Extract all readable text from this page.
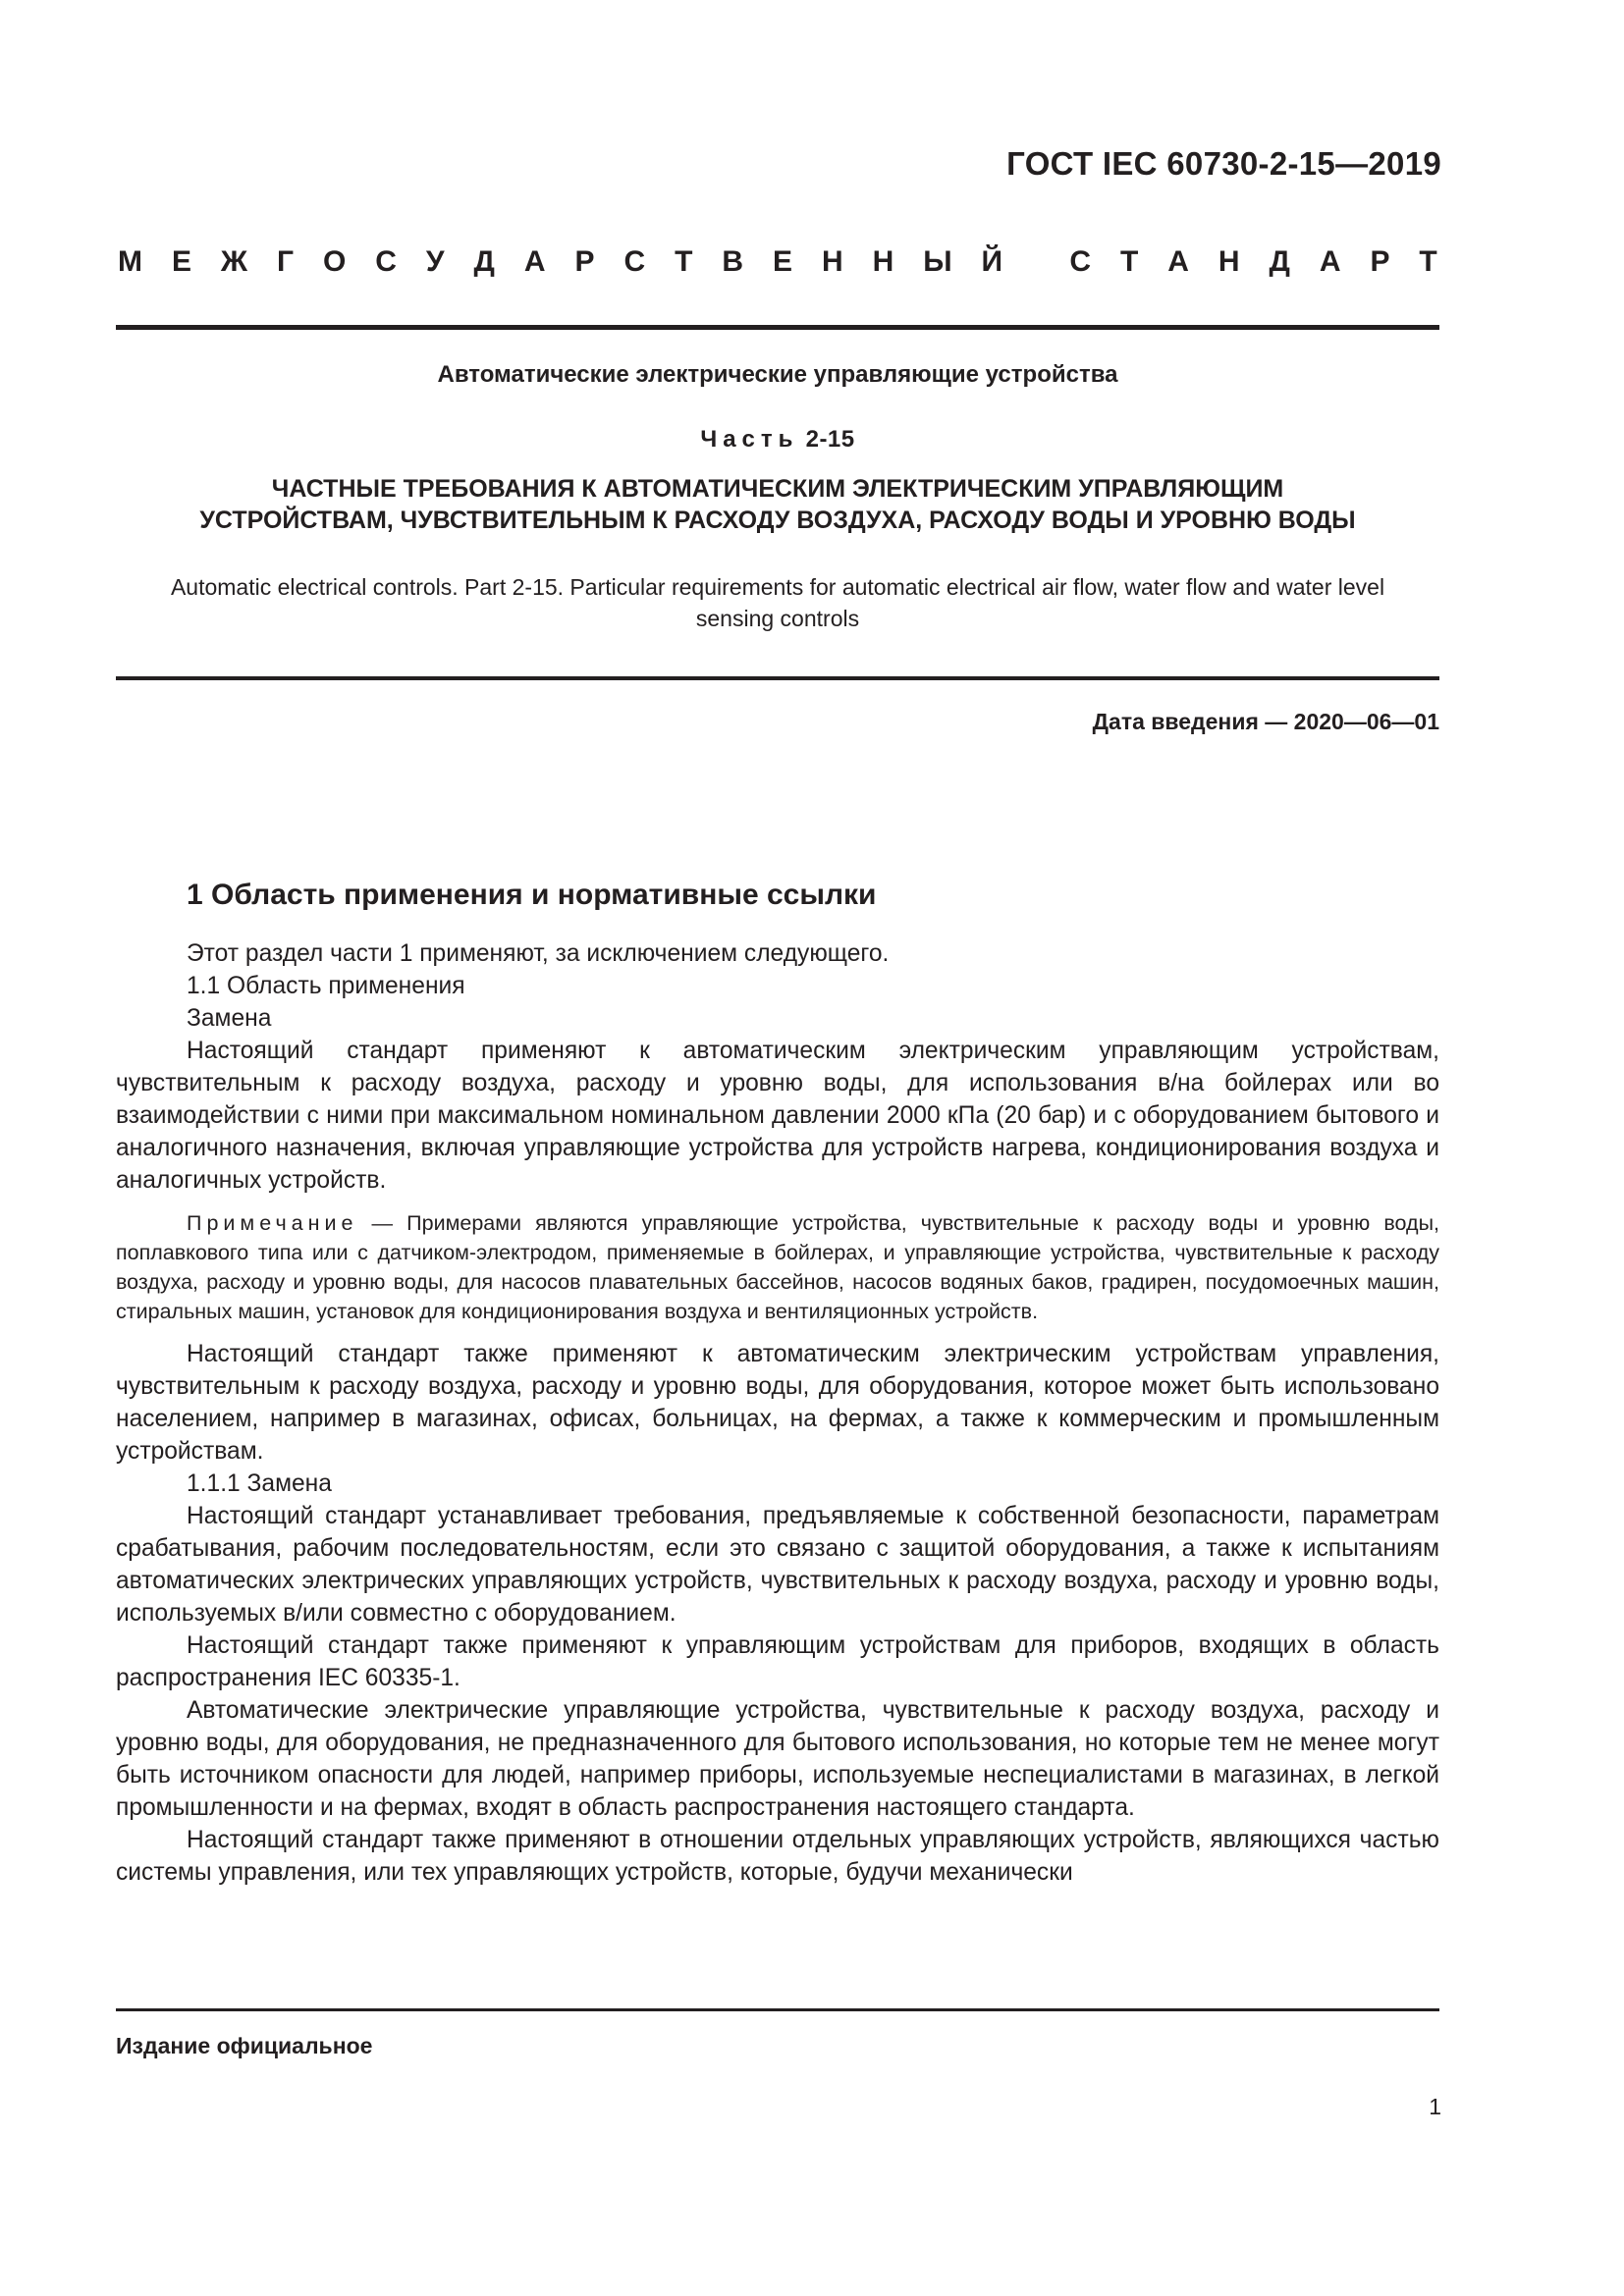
ГОСТ IEC 60730-2-15—2019
М Е Ж Г О С У Д А Р С Т В Е Н Н Ы Й
С Т А Н Д А Р Т
Автоматические электрические управляющие устройства
Часть 2-15
ЧАСТНЫЕ ТРЕБОВАНИЯ К АВТОМАТИЧЕСКИМ ЭЛЕКТРИЧЕСКИМ УПРАВЛЯЮЩИМ
УСТРОЙСТВАМ, ЧУВСТВИТЕЛЬНЫМ К РАСХОДУ ВОЗДУХА, РАСХОДУ ВОДЫ И УРОВНЮ ВОДЫ
Automatic electrical controls. Part 2-15. Particular requirements for automatic electrical air flow, water flow and water level sensing controls
Дата введения — 2020—06—01
1 Область применения и нормативные ссылки

Этот раздел части 1 применяют, за исключением следующего.

1.1 Область применения

Замена

Настоящий стандарт применяют к автоматическим электрическим управляющим устройствам, чувствительным к расходу воздуха, расходу и уровню воды, для использования в/на бойлерах или во взаимодействии с ними при максимальном номинальном давлении 2000 кПа (20 бар) и с оборудованием бытового и аналогичного назначения, включая управляющие устройства для устройств нагрева, кондиционирования воздуха и аналогичных устройств.

Примечание — Примерами являются управляющие устройства, чувствительные к расходу воды и уровню воды, поплавкового типа или с датчиком-электродом, применяемые в бойлерах, и управляющие устройства, чувствительные к расходу воздуха, расходу и уровню воды, для насосов плавательных бассейнов, насосов водяных баков, градирен, посудомоечных машин, стиральных машин, установок для кондиционирования воздуха и вентиляционных устройств.

Настоящий стандарт также применяют к автоматическим электрическим устройствам управления, чувствительным к расходу воздуха, расходу и уровню воды, для оборудования, которое может быть использовано населением, например в магазинах, офисах, больницах, на фермах, а также к коммерческим и промышленным устройствам.

1.1.1 Замена

Настоящий стандарт устанавливает требования, предъявляемые к собственной безопасности, параметрам срабатывания, рабочим последовательностям, если это связано с защитой оборудования, а также к испытаниям автоматических электрических управляющих устройств, чувствительных к расходу воздуха, расходу и уровню воды, используемых в/или совместно с оборудованием.

Настоящий стандарт также применяют к управляющим устройствам для приборов, входящих в область распространения IEC 60335-1.

Автоматические электрические управляющие устройства, чувствительные к расходу воздуха, расходу и уровню воды, для оборудования, не предназначенного для бытового использования, но которые тем не менее могут быть источником опасности для людей, например приборы, используемые неспециалистами в магазинах, в легкой промышленности и на фермах, входят в область распространения настоящего стандарта.

Настоящий стандарт также применяют в отношении отдельных управляющих устройств, являющихся частью системы управления, или тех управляющих устройств, которые, будучи механически

Издание официальное
1
